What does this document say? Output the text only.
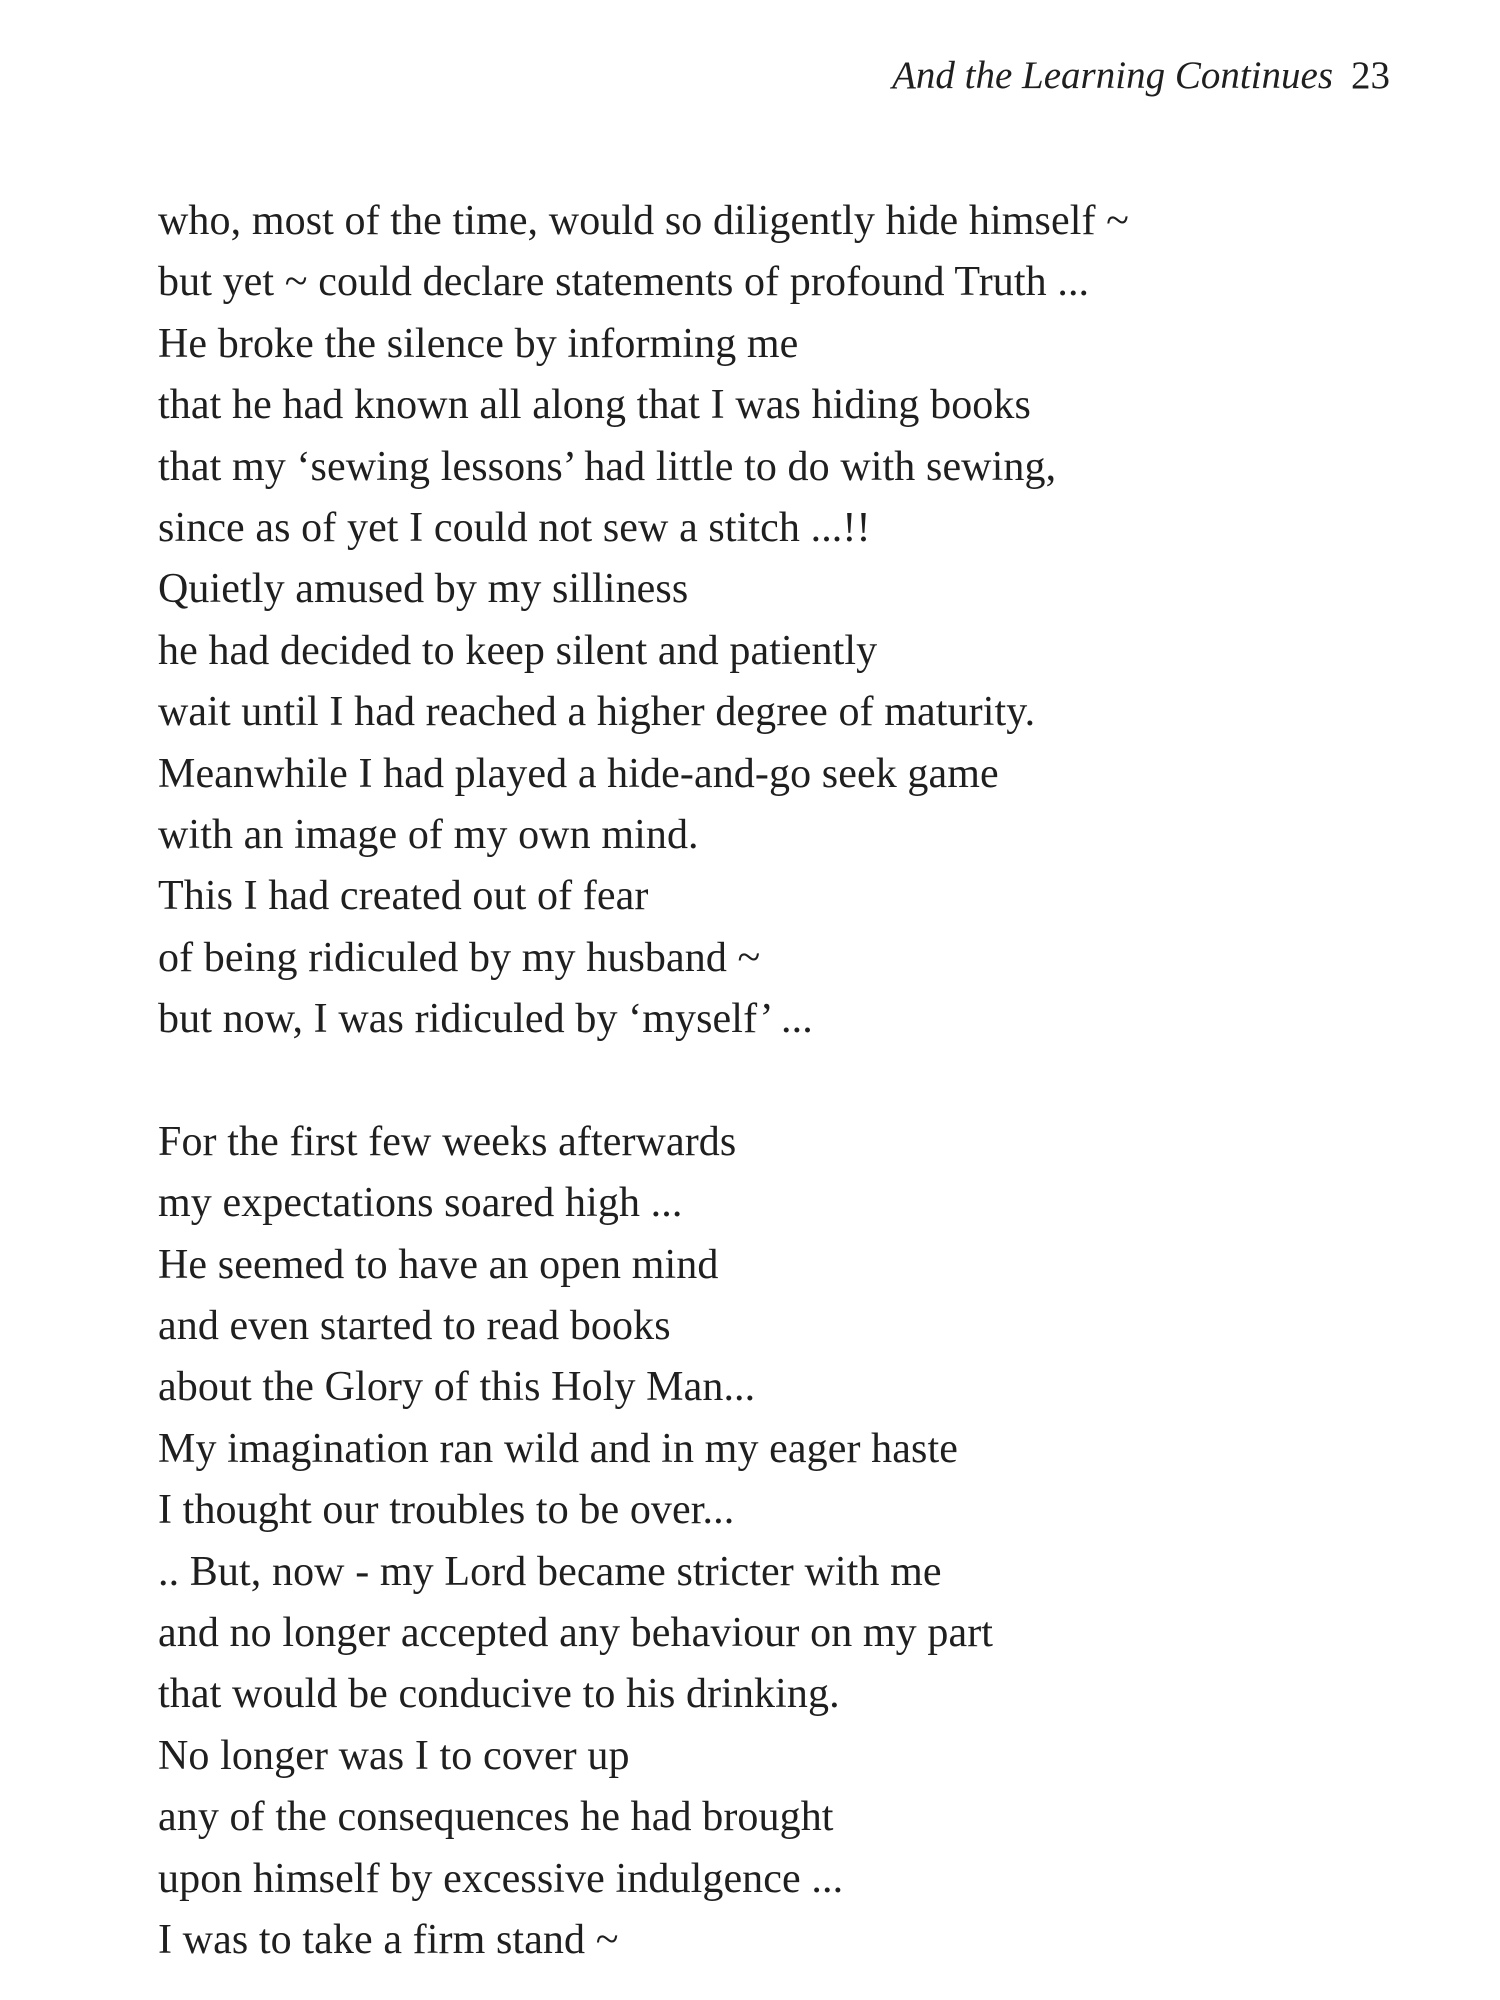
And the Learning Continues 23
who, most of the time, would so diligently hide himself ~
but yet ~ could declare statements of profound Truth ...
He broke the silence by informing me
that he had known all along that I was hiding books
that my ‘sewing lessons’ had little to do with sewing,
since as of yet I could not sew a stitch ...!!
Quietly amused by my silliness
he had decided to keep silent and patiently
wait until I had reached a higher degree of maturity.
Meanwhile I had played a hide-and-go seek game
with an image of my own mind.
This I had created out of fear
of being ridiculed by my husband ~
but now, I was ridiculed by ‘myself’ ...
For the first few weeks afterwards
my expectations soared high ...
He seemed to have an open mind
and even started to read books
about the Glory of this Holy Man...
My imagination ran wild and in my eager haste
I thought our troubles to be over...
.. But, now - my Lord became stricter with me
and no longer accepted any behaviour on my part
that would be conducive to his drinking.
No longer was I to cover up
any of the consequences he had brought
upon himself by excessive indulgence ...
I was to take a firm stand ~
